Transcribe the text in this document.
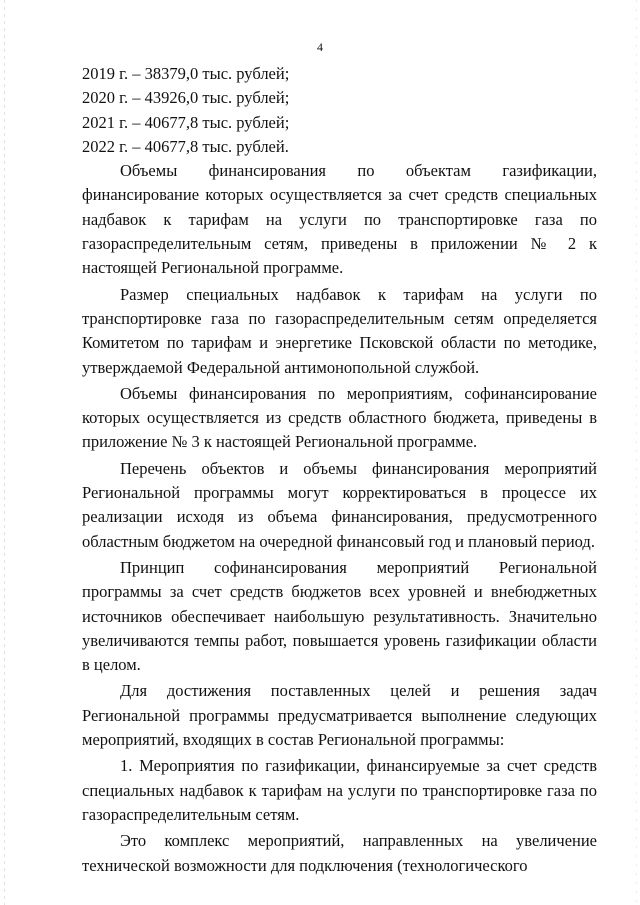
4

2019 г. – 38379,0 тыс. рублей;

2020 г. – 43926,0 тыс. рублей;

2021 г. – 40677,8 тыс. рублей;

2022 г. – 40677,8 тыс. рублей.

Объемы финансирования по объектам газификации, финансирование которых осуществляется за счет средств специальных надбавок к тарифам на услуги по транспортировке газа по газораспределительным сетям, приведены в приложении № 2 к настоящей Региональной программе.

Размер специальных надбавок к тарифам на услуги по транспортировке газа по газораспределительным сетям определяется Комитетом по тарифам и энергетике Псковской области по методике, утверждаемой Федеральной антимонопольной службой.

Объемы финансирования по мероприятиям, софинансирование которых осуществляется из средств областного бюджета, приведены в приложение № 3 к настоящей Региональной программе.

Перечень объектов и объемы финансирования мероприятий Региональной программы могут корректироваться в процессе их реализации исходя из объема финансирования, предусмотренного областным бюджетом на очередной финансовый год и плановый период.

Принцип софинансирования мероприятий Региональной программы за счет средств бюджетов всех уровней и внебюджетных источников обеспечивает наибольшую результативность. Значительно увеличиваются темпы работ, повышается уровень газификации области в целом.

Для достижения поставленных целей и решения задач Региональной программы предусматривается выполнение следующих мероприятий, входящих в состав Региональной программы:

1. Мероприятия по газификации, финансируемые за счет средств специальных надбавок к тарифам на услуги по транспортировке газа по газораспределительным сетям.

Это комплекс мероприятий, направленных на увеличение технической возможности для подключения (технологического
